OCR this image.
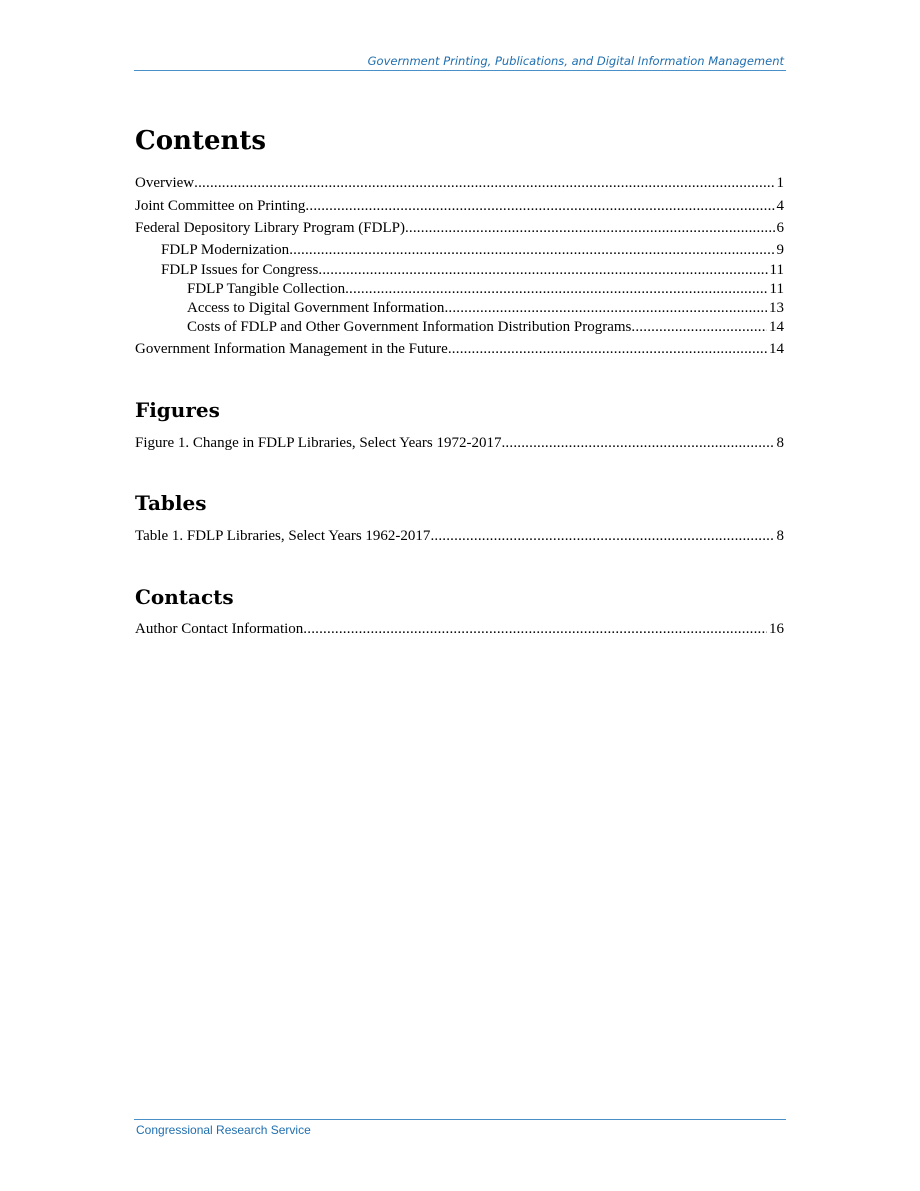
Government Printing, Publications, and Digital Information Management
Contents
Overview .....	1
Joint Committee on Printing .....	4
Federal Depository Library Program (FDLP) .....	6
FDLP Modernization .....	9
FDLP Issues for Congress .....	11
FDLP Tangible Collection .....	11
Access to Digital Government Information .....	13
Costs of FDLP and Other Government Information Distribution Programs .....	14
Government Information Management in the Future .....	14
Figures
Figure 1. Change in FDLP Libraries, Select Years 1972-2017 .....	8
Tables
Table 1. FDLP Libraries, Select Years 1962-2017 .....	8
Contacts
Author Contact Information .....	16
Congressional Research Service
